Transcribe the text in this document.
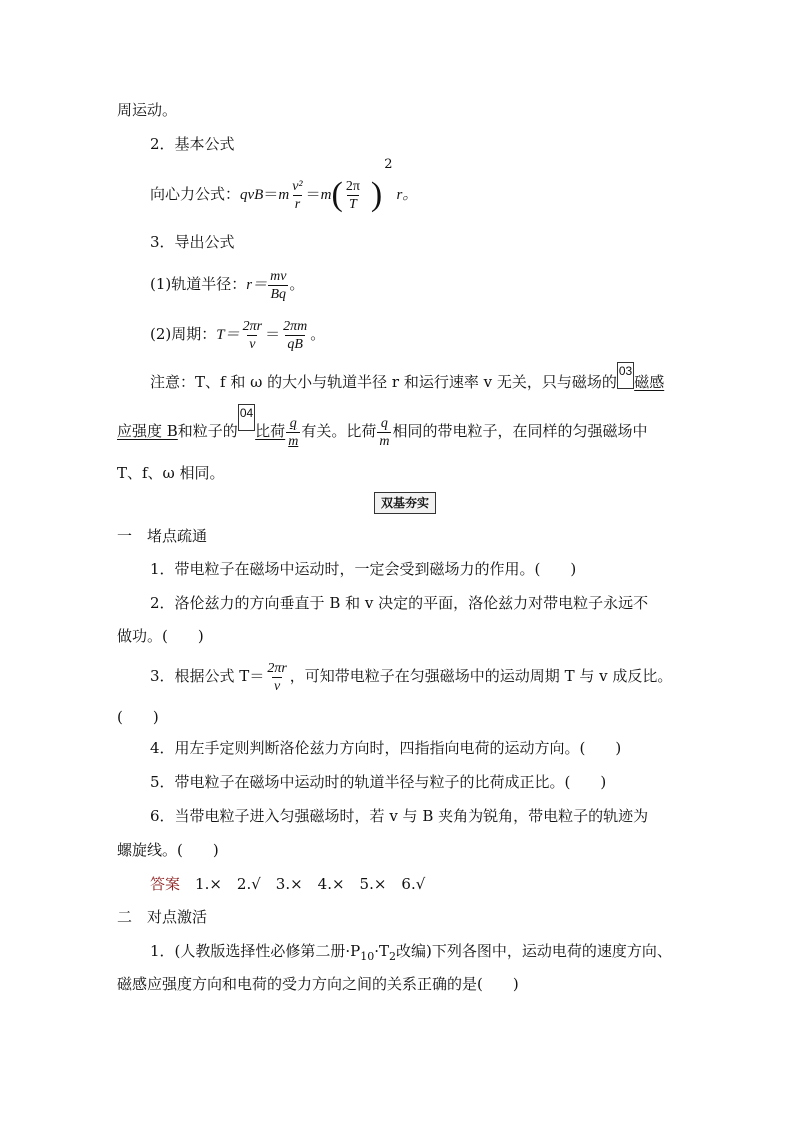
周运动。
2．基本公式
向心力公式：$qvB=m \frac{\text{v²}}{r} =m( \frac{2\pi}{T} )2r$。
3．导出公式
(1)轨道半径：$r= \frac{mv}{Bq}$ 。
(2)周期：$T= \frac{2\pi r}{v} = \frac{2\pi m}{qB}$ 。
注意：T、f 和 ω 的大小与轨道半径 r 和运行速率 v 无关，只与磁场的03磁感
应强度 B和粒子的04比荷 $\frac{q}{m}$ 有关。比荷 $\frac{q}{m}$ 相同的带电粒子，在同样的匀强磁场中
T、f、ω 相同。
双基夯实
一　堵点疏通
1．带电粒子在磁场中运动时，一定会受到磁场力的作用。(　　)
2．洛伦兹力的方向垂直于 B 和 v 决定的平面，洛伦兹力对带电粒子永远不
做功。(　　)
3．根据公式 $T= \frac{2\pi r}{v}$ ，可知带电粒子在匀强磁场中的运动周期 T 与 v 成反比。
(　　)
4．用左手定则判断洛伦兹力方向时，四指指向电荷的运动方向。(　　)
5．带电粒子在磁场中运动时的轨道半径与粒子的比荷成正比。(　　)
6．当带电粒子进入匀强磁场时，若 v 与 B 夹角为锐角，带电粒子的轨迹为
螺旋线。(　　)
答案　 1.×　2.√　3.×　4.×　5.×　6.√
二　对点激活
1．(人教版选择性必修第二册$\cdot P_{10}\cdot T_2$改编)下列各图中，运动电荷的速度方向、
磁感应强度方向和电荷的受力方向之间的关系正确的是(　　)
